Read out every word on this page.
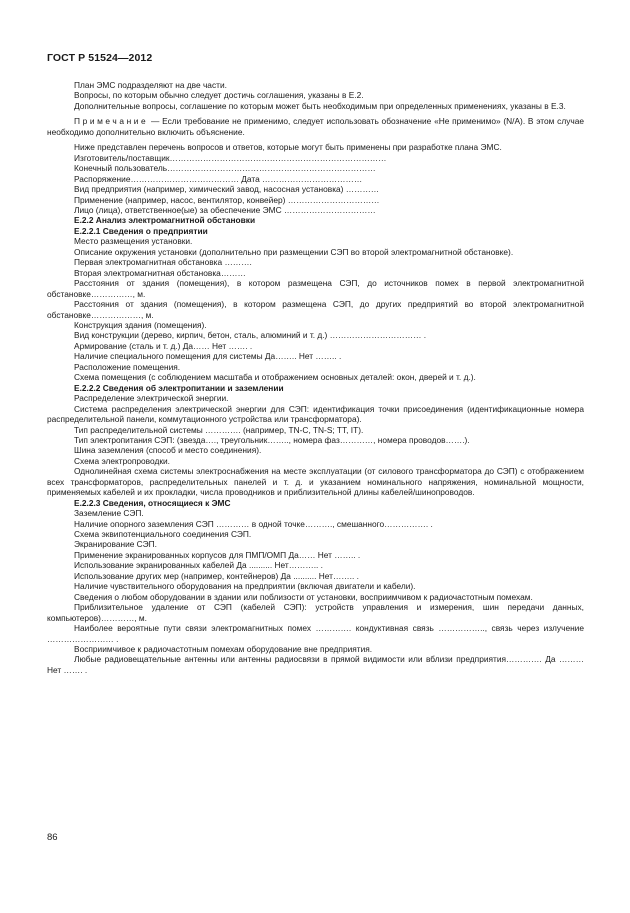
ГОСТ Р 51524—2012

План ЭМС подразделяют на две части.

Вопросы, по которым обычно следует достичь соглашения, указаны в Е.2.

Дополнительные вопросы, соглашение по которым может быть необходимым при определенных применениях, указаны в Е.3.

Примечание — Если требование не применимо, следует использовать обозначение «Не применимо» (N/A). В этом случае необходимо дополнительно включить объяснение.

Ниже представлен перечень вопросов и ответов, которые могут быть применены при разработке плана ЭМС.

Изготовитель/поставщик……………………………………………………………………

Конечный пользователь…………………………………………………………………

Распоряжение………………………………… Дата ………………………………

Вид предприятия (например, химический завод, насосная установка) …………

Применение (например, насос, вентилятор, конвейер) ……………………………

Лицо (лица), ответственное(ые) за обеспечение ЭМС ……………………………

Е.2.2 Анализ электромагнитной обстановки

Е.2.2.1 Сведения о предприятии

Место размещения установки.

Описание окружения установки (дополнительно при размещении СЭП во второй электромагнитной обстановке).

Первая электромагнитная обстановка ……….

Вторая электромагнитная обстановка………

Расстояния от здания (помещения), в котором размещена СЭП, до источников помех в первой электромагнитной обстановке……………, м.

Расстояния от здания (помещения), в котором размещена СЭП, до других предприятий во второй электромагнитной обстановке………………, м.

Конструкция здания (помещения).

Вид конструкции (дерево, кирпич, бетон, сталь, алюминий и т. д.) …………………………… .

Армирование (сталь и т. д.) Да…… Нет ……. .

Наличие специального помещения для системы Да…….. Нет …….. .

Расположение помещения.

Схема помещения (с соблюдением масштаба и отображением основных деталей: окон, дверей и т. д.).

Е.2.2.2 Сведения об электропитании и заземлении

Распределение электрической энергии.

Система распределения электрической энергии для СЭП: идентификация точки присоединения (идентификационные номера распределительной панели, коммутационного устройства или трансформатора).

Тип распределительной системы …………. (например, TN-C, TN-S; TT, IT).

Тип электропитания СЭП: (звезда…., треугольник…….., номера фаз…………, номера проводов…….).

Шина заземления (способ и место соединения).

Схема электропроводки.

Однолинейная схема системы электроснабжения на месте эксплуатации (от силового трансформатора до СЭП) с отображением всех трансформаторов, распределительных панелей и т. д. и указанием номинального напряжения, номинальной мощности, применяемых кабелей и их прокладки, числа проводников и приблизительной длины кабелей/шинопроводов.

Е.2.2.3 Сведения, относящиеся к ЭМС

Заземление СЭП.

Наличие опорного заземления СЭП ………… в одной точке………., смешанного……………. .

Схема эквипотенциального соединения СЭП.

Экранирование СЭП.

Применение экранированных корпусов для ПМП/ОМП Да…… Нет …….. .

Использование экранированных кабелей Да .......... Нет……….. .

Использование других мер (например, контейнеров) Да .......... Нет…….. .

Наличие чувствительного оборудования на предприятии (включая двигатели и кабели).

Сведения о любом оборудовании в здании или поблизости от установки, восприимчивом к радиочастотным помехам.

Приблизительное удаление от СЭП (кабелей СЭП): устройств управления и измерения, шин передачи данных, компьютеров)…………, м.

Наиболее вероятные пути связи электромагнитных помех …………. кондуктивная связь …………….., связь через излучение …………………… .

Восприимчивое к радиочастотным помехам оборудование вне предприятия.

Любые радиовещательные антенны или антенны радиосвязи в прямой видимости или вблизи предприятия…………. Да ……… Нет ……. .

86
